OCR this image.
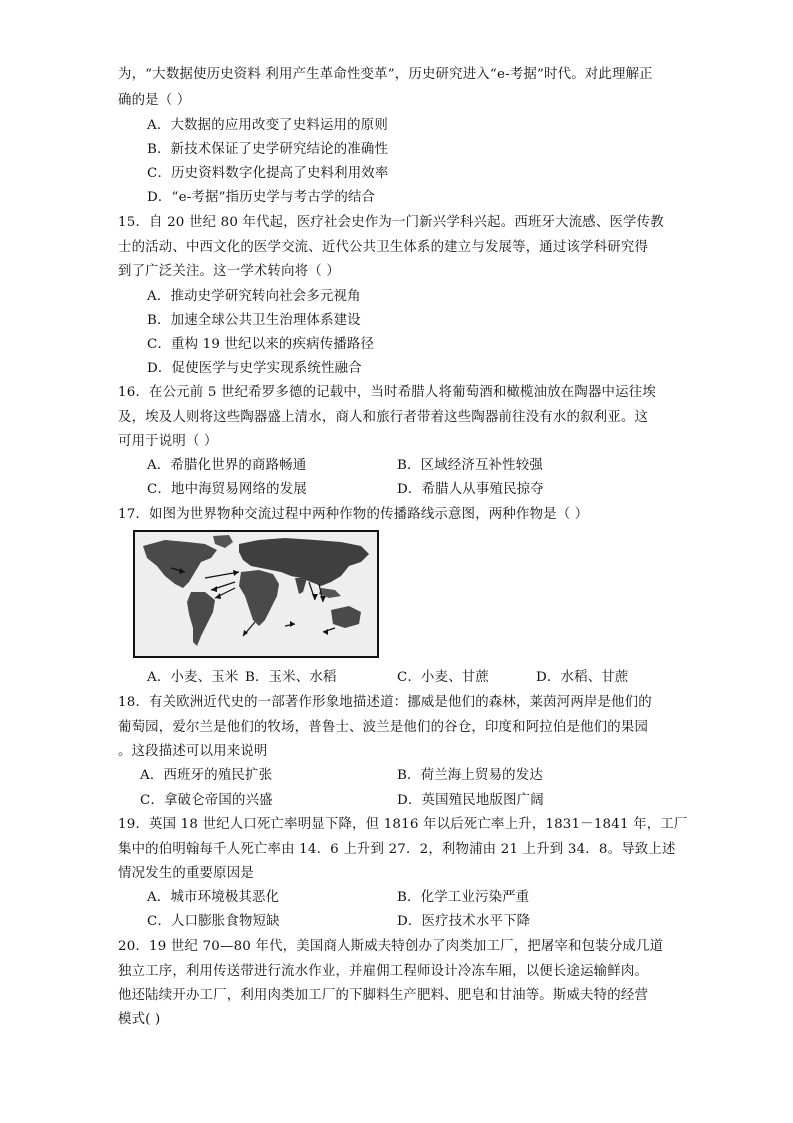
为，“大数据使历史资料 利用产生革命性变革”，历史研究进入“e-考据”时代。对此理解正
确的是（ ）
A．大数据的应用改变了史料运用的原则
B．新技术保证了史学研究结论的准确性
C．历史资料数字化提高了史料利用效率
D．“e-考据”指历史学与考古学的结合
15．自 20 世纪 80 年代起，医疗社会史作为一门新兴学科兴起。西班牙大流感、医学传教
士的活动、中西文化的医学交流、近代公共卫生体系的建立与发展等，通过该学科研究得
到了广泛关注。这一学术转向将（ ）
A．推动史学研究转向社会多元视角
B．加速全球公共卫生治理体系建设
C．重构 19 世纪以来的疾病传播路径
D．促使医学与史学实现系统性融合
16．在公元前 5 世纪希罗多德的记载中，当时希腊人将葡萄酒和橄榄油放在陶器中运往埃
及，埃及人则将这些陶器盛上清水，商人和旅行者带着这些陶器前往没有水的叙利亚。这
可用于说明（ ）
A．希腊化世界的商路畅通	B．区域经济互补性较强
C．地中海贸易网络的发展	D．希腊人从事殖民掠夺
17．如图为世界物种交流过程中两种作物的传播路线示意图，两种作物是（ ）
A．小麦、玉米 B．玉米、水稻	C．小麦、甘蔗	D．水稻、甘蔗
18．有关欧洲近代史的一部著作形象地描述道：挪威是他们的森林，莱茵河两岸是他们的
葡萄园，爱尔兰是他们的牧场，普鲁士、波兰是他们的谷仓，印度和阿拉伯是他们的果园
。这段描述可以用来说明
A．西班牙的殖民扩张	B．荷兰海上贸易的发达
C．拿破仑帝国的兴盛	D．英国殖民地版图广阔
19．英国 18 世纪人口死亡率明显下降，但 1816 年以后死亡率上升，1831－1841 年，工厂
集中的伯明翰每千人死亡率由 14．6 上升到 27．2，利物浦由 21 上升到 34．8。导致上述
情况发生的重要原因是
A．城市环境极其恶化	B．化学工业污染严重
C．人口膨胀食物短缺	D．医疗技术水平下降
20．19 世纪 70—80 年代，美国商人斯威夫特创办了肉类加工厂，把屠宰和包装分成几道
独立工序，利用传送带进行流水作业，并雇佣工程师设计冷冻车厢，以便长途运输鲜肉。
他还陆续开办工厂，利用肉类加工厂的下脚料生产肥料、肥皂和甘油等。斯威夫特的经营
模式( )
